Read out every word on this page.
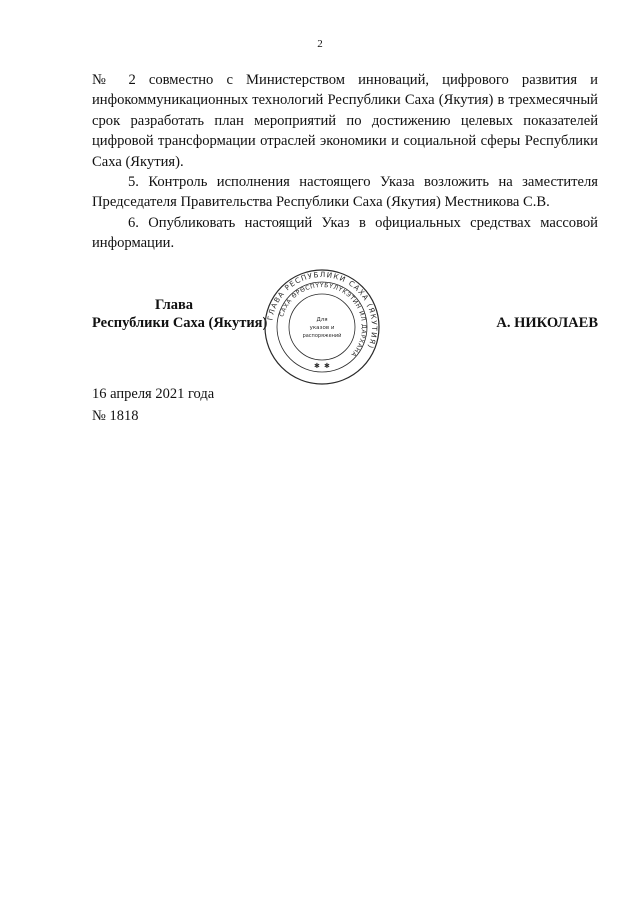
2

№ 2 совместно с Министерством инноваций, цифрового развития и инфокоммуникационных технологий Республики Саха (Якутия) в трехмесячный срок разработать план мероприятий по достижению целевых показателей цифровой трансформации отраслей экономики и социальной сферы Республики Саха (Якутия).

5. Контроль исполнения настоящего Указа возложить на заместителя Председателя Правительства Республики Саха (Якутия) Местникова С.В.

6. Опубликовать настоящий Указ в официальных средствах массовой информации.

Глава
Республики Саха (Якутия)	А. НИКОЛАЕВ
ГЛАВА РЕСПУБЛИКИ САХА (ЯКУТИЯ)
САХА ӨРӨСПҮҮБҮЛҮКЭТИН ИЛ ДАРХАНА
Для
указов и
распоряжений
✱ ✱
16 апреля 2021 года
№ 1818
